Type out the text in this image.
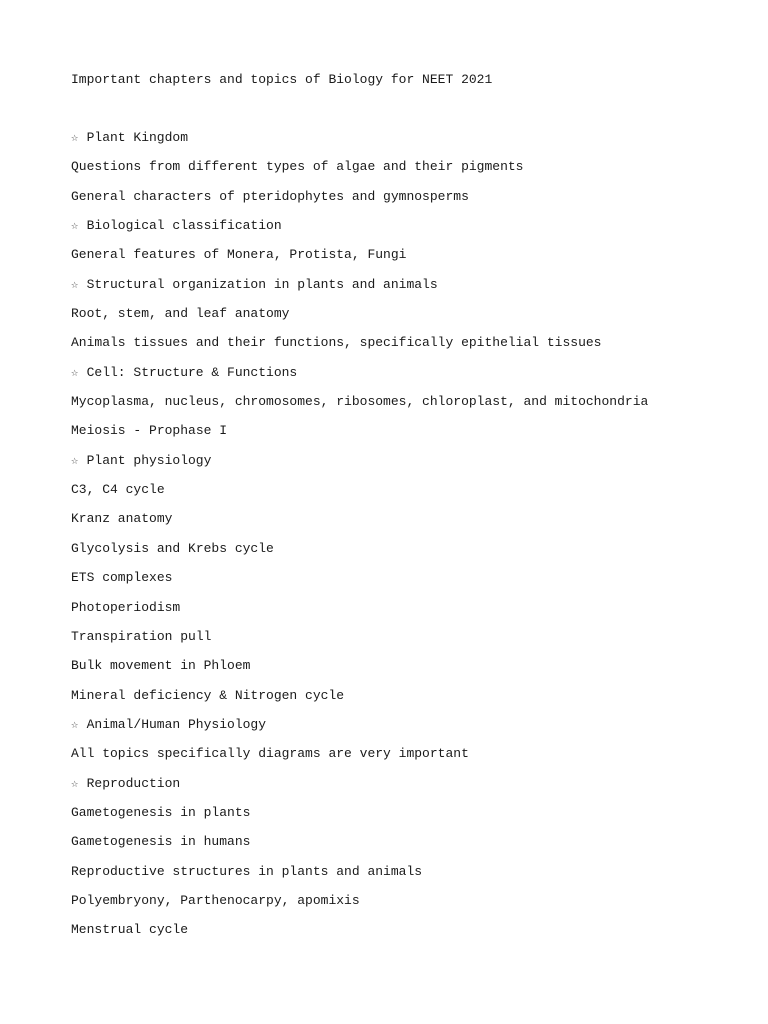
Important chapters and topics of Biology for NEET 2021
☆ Plant Kingdom
Questions from different types of algae and their pigments
General characters of pteridophytes and gymnosperms
☆ Biological classification
General features of Monera, Protista, Fungi
☆ Structural organization in plants and animals
Root, stem, and leaf anatomy
Animals tissues and their functions, specifically epithelial tissues
☆ Cell: Structure & Functions
Mycoplasma, nucleus, chromosomes, ribosomes, chloroplast, and mitochondria
Meiosis - Prophase I
☆ Plant physiology
C3, C4 cycle
Kranz anatomy
Glycolysis and Krebs cycle
ETS complexes
Photoperiodism
Transpiration pull
Bulk movement in Phloem
Mineral deficiency & Nitrogen cycle
☆ Animal/Human Physiology
All topics specifically diagrams are very important
☆ Reproduction
Gametogenesis in plants
Gametogenesis in humans
Reproductive structures in plants and animals
Polyembryony, Parthenocarpy, apomixis
Menstrual cycle
